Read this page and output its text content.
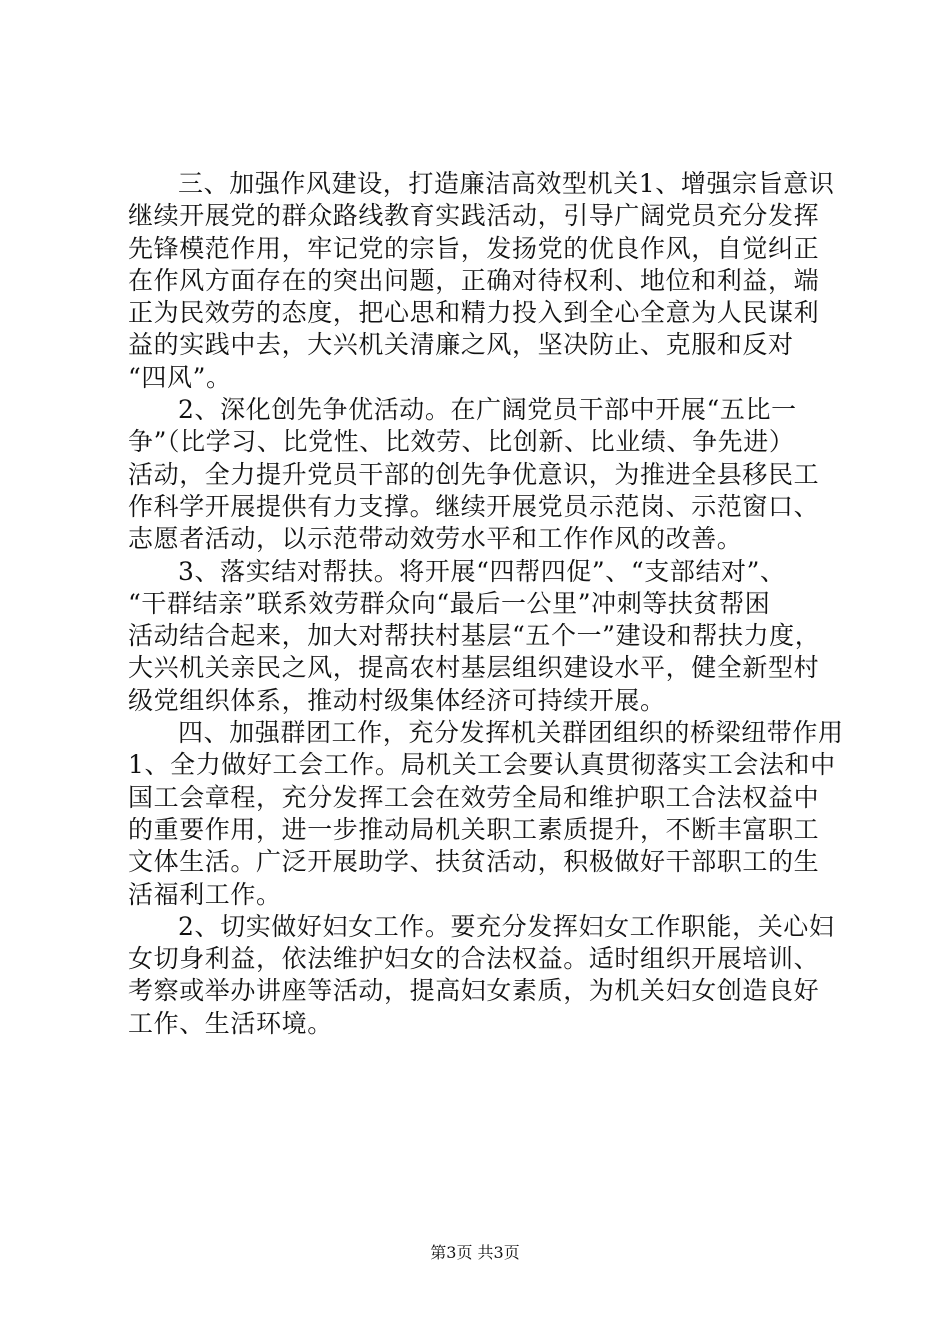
三、加强作风建设，打造廉洁高效型机关1、增强宗旨意识
继续开展党的群众路线教育实践活动，引导广阔党员充分发挥
先锋模范作用，牢记党的宗旨，发扬党的优良作风，自觉纠正
在作风方面存在的突出问题，正确对待权利、地位和利益，端
正为民效劳的态度，把心思和精力投入到全心全意为人民谋利
益的实践中去，大兴机关清廉之风，坚决防止、克服和反对
“四风”。
2、深化创先争优活动。在广阔党员干部中开展“五比一
争”（比学习、比党性、比效劳、比创新、比业绩、争先进）
活动，全力提升党员干部的创先争优意识，为推进全县移民工
作科学开展提供有力支撑。继续开展党员示范岗、示范窗口、
志愿者活动，以示范带动效劳水平和工作作风的改善。
3、落实结对帮扶。将开展“四帮四促”、“支部结对”、
“干群结亲”联系效劳群众向“最后一公里”冲刺等扶贫帮困
活动结合起来，加大对帮扶村基层“五个一”建设和帮扶力度，
大兴机关亲民之风，提高农村基层组织建设水平，健全新型村
级党组织体系，推动村级集体经济可持续开展。
四、加强群团工作，充分发挥机关群团组织的桥梁纽带作用
1、全力做好工会工作。局机关工会要认真贯彻落实工会法和中
国工会章程，充分发挥工会在效劳全局和维护职工合法权益中
的重要作用，进一步推动局机关职工素质提升，不断丰富职工
文体生活。广泛开展助学、扶贫活动，积极做好干部职工的生
活福利工作。
2、切实做好妇女工作。要充分发挥妇女工作职能，关心妇
女切身利益，依法维护妇女的合法权益。适时组织开展培训、
考察或举办讲座等活动，提高妇女素质，为机关妇女创造良好
工作、生活环境。
第3页 共3页
